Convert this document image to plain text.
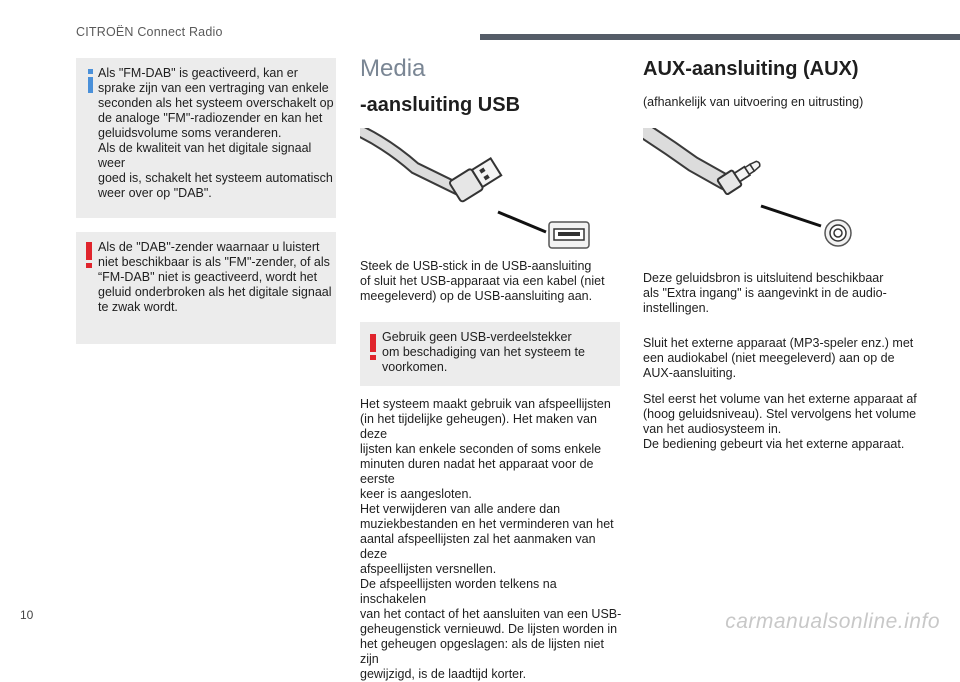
CITROËN Connect Radio

Als "FM-DAB" is geactiveerd, kan er
sprake zijn van een vertraging van enkele
seconden als het systeem overschakelt op
de analoge "FM"-radiozender en kan het
geluidsvolume soms veranderen.
Als de kwaliteit van het digitale signaal weer
goed is, schakelt het systeem automatisch
weer over op "DAB".

Als de "DAB"-zender waarnaar u luistert
niet beschikbaar is als "FM"-zender, of als
“FM-DAB" niet is geactiveerd, wordt het
geluid onderbroken als het digitale signaal
te zwak wordt.

Media
-aansluiting USB
Steek de USB-stick in de USB-aansluiting
of sluit het USB-apparaat via een kabel (niet
meegeleverd) op de USB-aansluiting aan.

Gebruik geen USB-verdeelstekker
om beschadiging van het systeem te
voorkomen.

Het systeem maakt gebruik van afspeellijsten
(in het tijdelijke geheugen). Het maken van deze
lijsten kan enkele seconden of soms enkele
minuten duren nadat het apparaat voor de eerste
keer is aangesloten.
Het verwijderen van alle andere dan
muziekbestanden en het verminderen van het
aantal afspeellijsten zal het aanmaken van deze
afspeellijsten versnellen.
De afspeellijsten worden telkens na inschakelen
van het contact of het aansluiten van een USB-
geheugenstick vernieuwd. De lijsten worden in
het geheugen opgeslagen: als de lijsten niet zijn
gewijzigd, is de laadtijd korter.
AUX-aansluiting (AUX)
(afhankelijk van uitvoering en uitrusting)
Deze geluidsbron is uitsluitend beschikbaar
als "Extra ingang" is aangevinkt in de audio-
instellingen.
Sluit het externe apparaat (MP3-speler enz.) met
een audiokabel (niet meegeleverd) aan op de
AUX-aansluiting.
Stel eerst het volume van het externe apparaat af
(hoog geluidsniveau). Stel vervolgens het volume
van het audiosysteem in.
De bediening gebeurt via het externe apparaat.
10	carmanualsonline.info
